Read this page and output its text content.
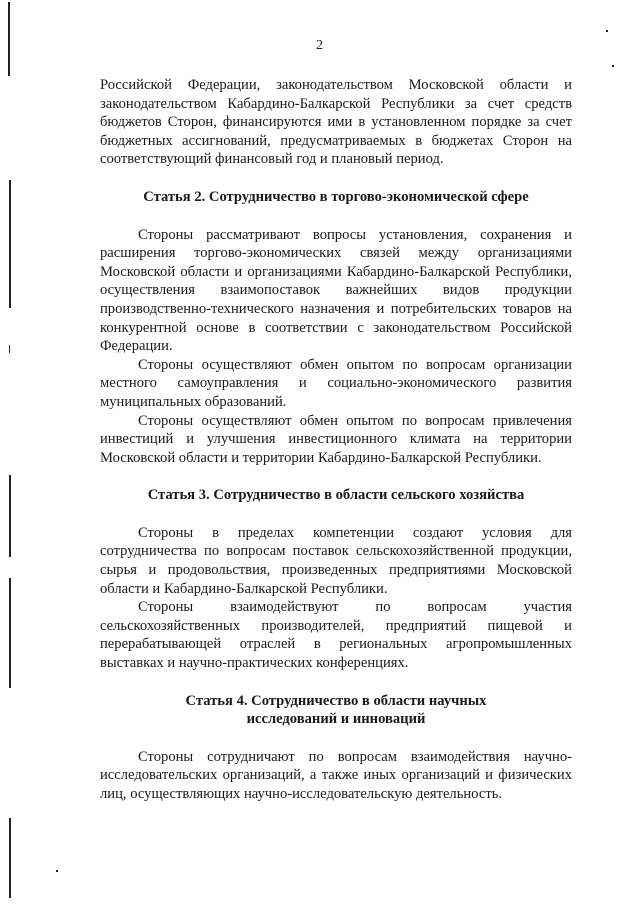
2

Российской Федерации, законодательством Московской области и законодательством Кабардино-Балкарской Республики за счет средств бюджетов Сторон, финансируются ими в установленном порядке за счет бюджетных ассигнований, предусматриваемых в бюджетах Сторон на соответствующий финансовый год и плановый период.

Статья 2. Сотрудничество в торгово-экономической сфере

Стороны рассматривают вопросы установления, сохранения и расширения торгово-экономических связей между организациями Московской области и организациями Кабардино-Балкарской Республики, осуществления взаимопоставок важнейших видов продукции производственно-технического назначения и потребительских товаров на конкурентной основе в соответствии с законодательством Российской Федерации.

Стороны осуществляют обмен опытом по вопросам организации местного самоуправления и социально-экономического развития муниципальных образований.

Стороны осуществляют обмен опытом по вопросам привлечения инвестиций и улучшения инвестиционного климата на территории Московской области и территории Кабардино-Балкарской Республики.

Статья 3. Сотрудничество в области сельского хозяйства

Стороны в пределах компетенции создают условия для сотрудничества по вопросам поставок сельскохозяйственной продукции, сырья и продовольствия, произведенных предприятиями Московской области и Кабардино-Балкарской Республики.

Стороны взаимодействуют по вопросам участия сельскохозяйственных производителей, предприятий пищевой и перерабатывающей отраслей в региональных агропромышленных выставках и научно-практических конференциях.

Статья 4. Сотрудничество в области научных
исследований и инноваций

Стороны сотрудничают по вопросам взаимодействия научно-исследовательских организаций, а также иных организаций и физических лиц, осуществляющих научно-исследовательскую деятельность.
